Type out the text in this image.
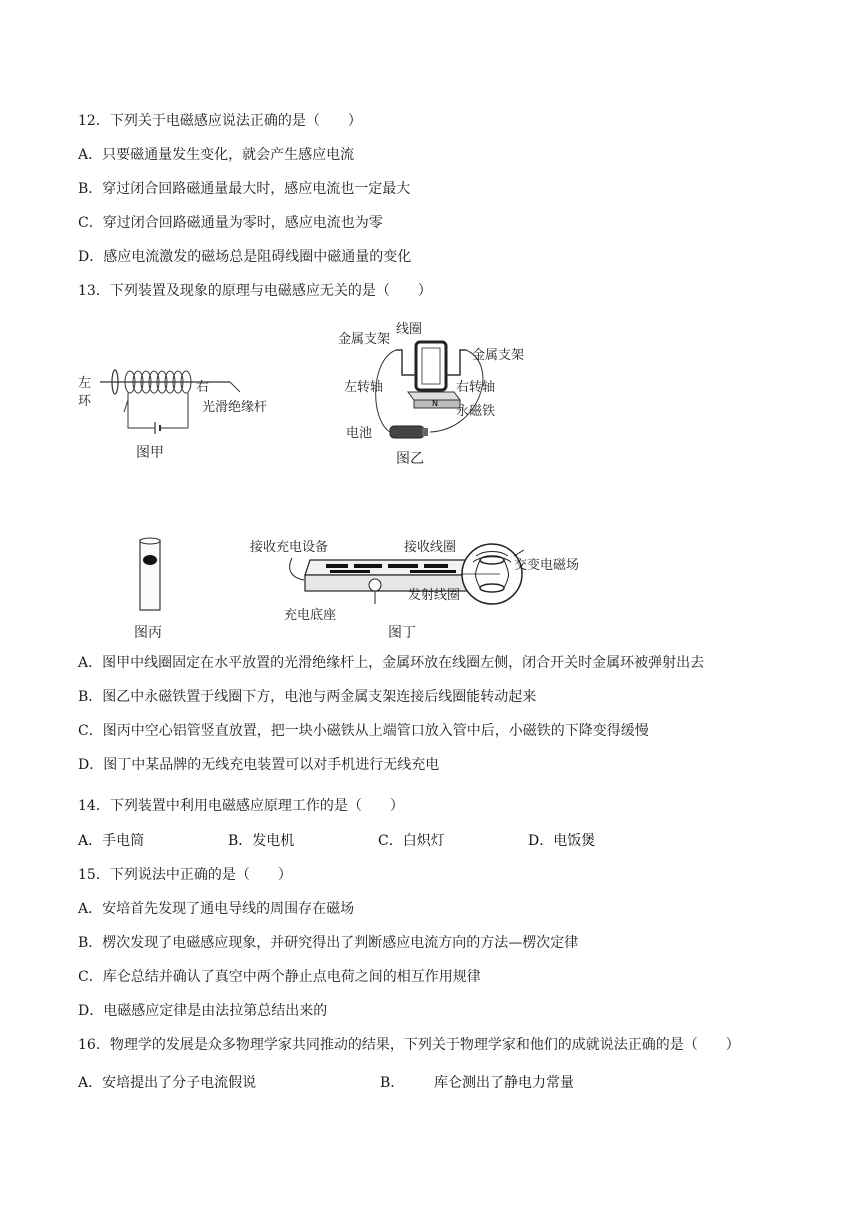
12．下列关于电磁感应说法正确的是（　　）
A．只要磁通量发生变化，就会产生感应电流
B．穿过闭合回路磁通量最大时，感应电流也一定最大
C．穿过闭合回路磁通量为零时，感应电流也为零
D．感应电流激发的磁场总是阻碍线圈中磁通量的变化
13．下列装置及现象的原理与电磁感应无关的是（　　）
左
环
右
光滑绝缘杆
图甲
N
线圈
金属支架
金属支架
左转轴	右转轴
永磁铁
电池
图乙
图丙
接收充电设备	接收线圈
交变电磁场
发射线圈
充电底座
图丁
A．图甲中线圈固定在水平放置的光滑绝缘杆上，金属环放在线圈左侧，闭合开关时金属环被弹射出去
B．图乙中永磁铁置于线圈下方，电池与两金属支架连接后线圈能转动起来
C．图丙中空心铝管竖直放置，把一块小磁铁从上端管口放入管中后，小磁铁的下降变得缓慢
D．图丁中某品牌的无线充电装置可以对手机进行无线充电
14．下列装置中利用电磁感应原理工作的是（　　）
A．手电筒	B．发电机	C．白炽灯	D．电饭煲
15．下列说法中正确的是（　　）
A．安培首先发现了通电导线的周围存在磁场
B．楞次发现了电磁感应现象，并研究得出了判断感应电流方向的方法—楞次定律
C．库仑总结并确认了真空中两个静止点电荷之间的相互作用规律
D．电磁感应定律是由法拉第总结出来的
16．物理学的发展是众多物理学家共同推动的结果，下列关于物理学家和他们的成就说法正确的是（　　）
A．安培提出了分子电流假说	B． 库仑测出了静电力常量
